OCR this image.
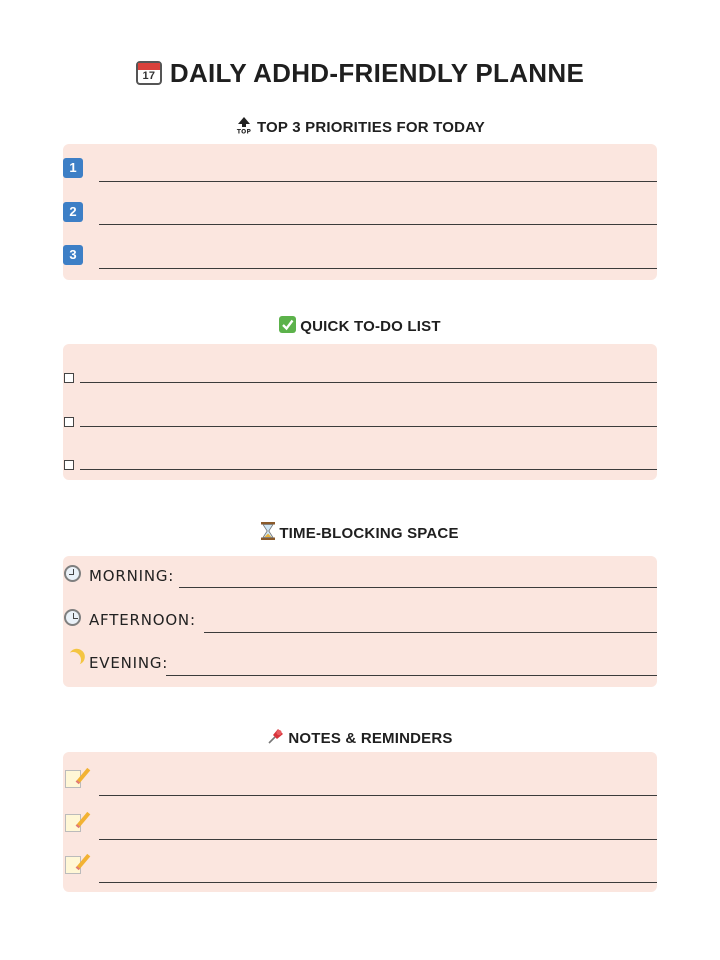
17 DAILY ADHD-FRIENDLY PLANNE
TOP TOP 3 PRIORITIES FOR TODAY
1
2
3
QUICK TO-DO LIST
TIME-BLOCKING SPACE
MORNING:
AFTERNOON:
EVENING:
NOTES & REMINDERS
